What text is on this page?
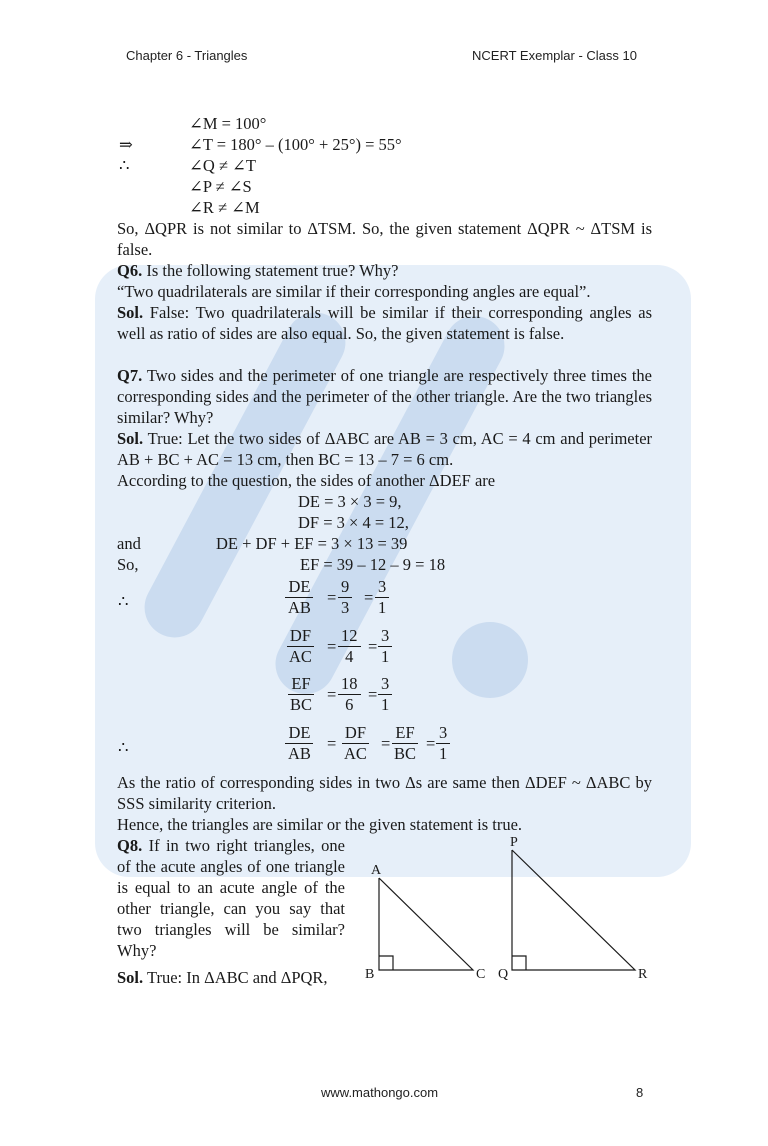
Chapter 6 - Triangles	NCERT Exemplar - Class 10
∠M = 100°
⇒	∠T = 180° – (100° + 25°) = 55°
∴	∠Q ≠ ∠T
∠P ≠ ∠S
∠R ≠ ∠M
So, ΔQPR is not similar to ΔTSM. So, the given statement ΔQPR ~ ΔTSM is false.
Q6. Is the following statement true? Why?
“Two quadrilaterals are similar if their corresponding angles are equal”.
Sol. False: Two quadrilaterals will be similar if their corresponding angles as well as ratio of sides are also equal. So, the given statement is false.
Q7. Two sides and the perimeter of one triangle are respectively three times the corresponding sides and the perimeter of the other triangle. Are the two triangles similar? Why?
Sol. True: Let the two sides of ΔABC are AB = 3 cm, AC = 4 cm and perimeter AB + BC + AC = 13 cm, then BC = 13 – 7 = 6 cm.
According to the question, the sides of another ΔDEF are
DE = 3 × 3 = 9,
DF = 3 × 4 = 12,
and	DE + DF + EF = 3 × 13 = 39
So,	EF = 39 – 12 – 9 = 18
∴	$\frac{DE}{AB} = \frac{9}{3} = \frac{3}{1}$
$\frac{DF}{AC} = \frac{12}{4} = \frac{3}{1}$
$\frac{EF}{BC} = \frac{18}{6} = \frac{3}{1}$
∴	$\frac{DE}{AB} = \frac{DF}{AC} = \frac{EF}{BC} = \frac{3}{1}$
As the ratio of corresponding sides in two Δs are same then ΔDEF ~ ΔABC by SSS similarity criterion.
Hence, the triangles are similar or the given statement is true.
Q8. If in two right triangles, one of the acute angles of one triangle is equal to an acute angle of the other triangle, can you say that two triangles will be similar? Why?
Sol. True: In ΔABC and ΔPQR,
A
B	C
P
Q	R
www.mathongo.com	8
